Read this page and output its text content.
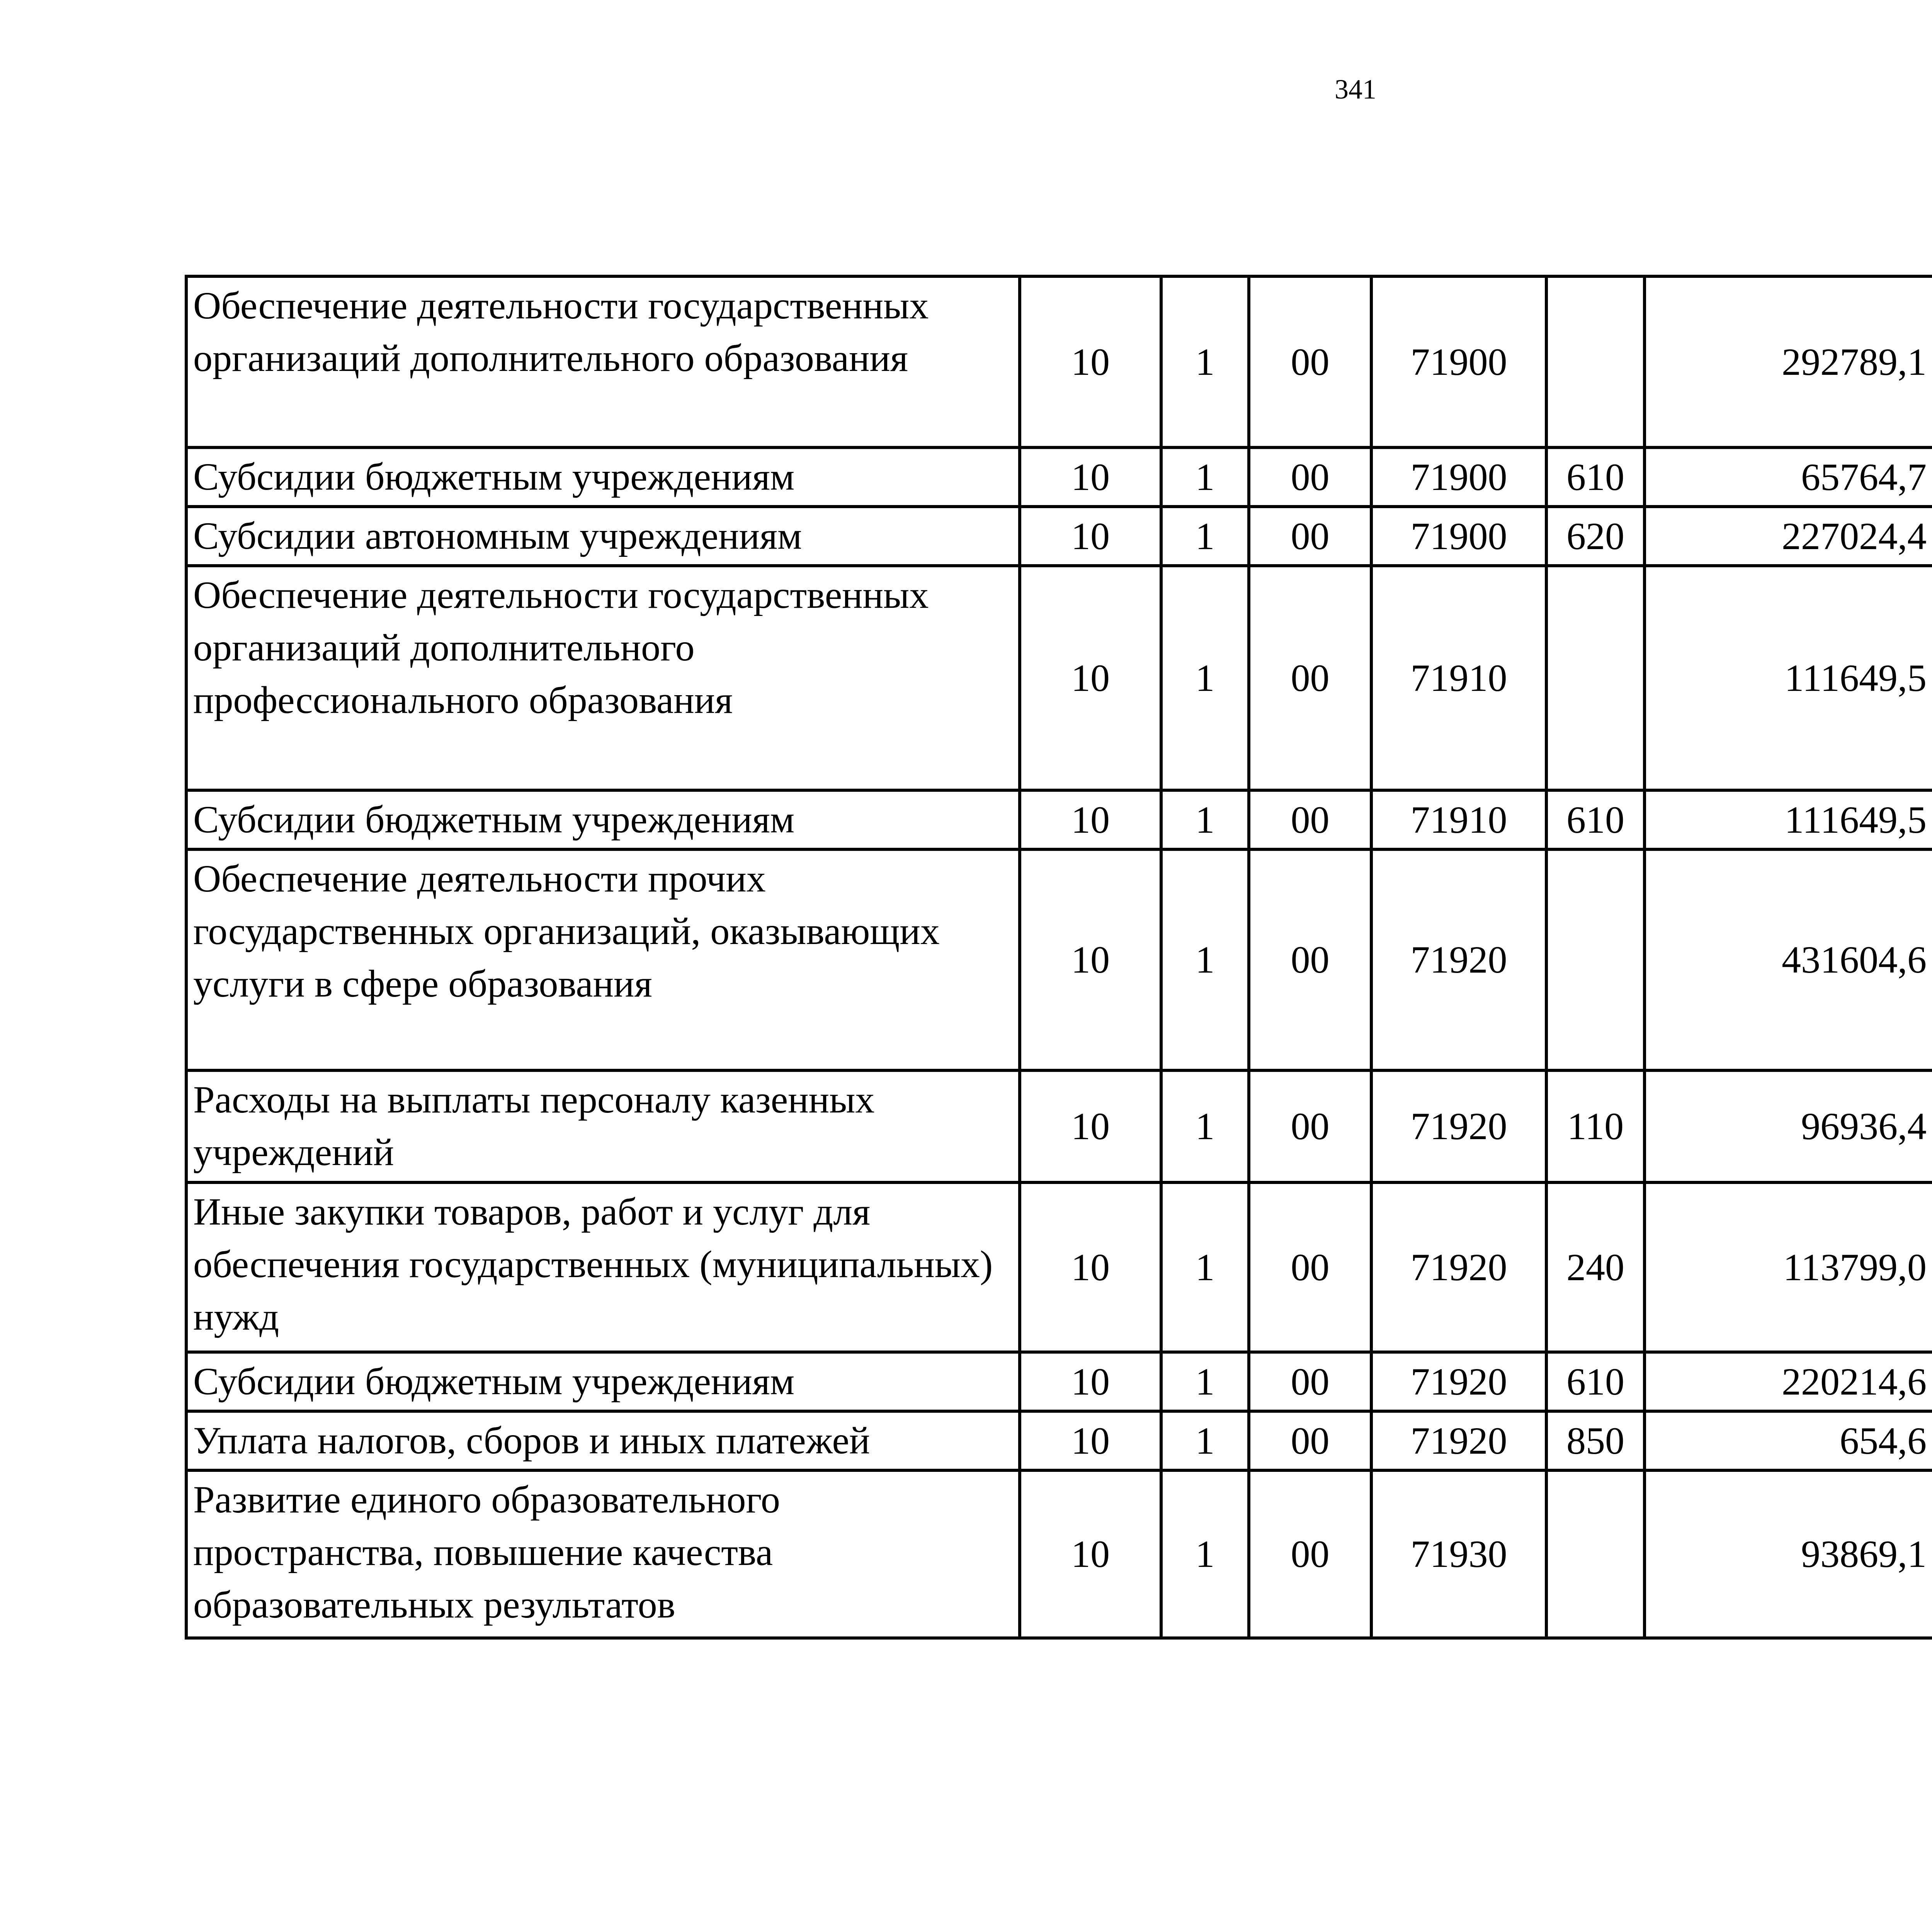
341
Обеспечение деятельности государственных организаций дополнительного образования	10	1	00	71900		292789,1		
Субсидии бюджетным учреждениям	10	1	00	71900	610	65764,7		
Субсидии автономным учреждениям	10	1	00	71900	620	227024,4		
Обеспечение деятельности государственных организаций дополнительного профессионального образования	10	1	00	71910		111649,5		
Субсидии бюджетным учреждениям	10	1	00	71910	610	111649,5		
Обеспечение деятельности прочих государственных организаций, оказывающих услуги в сфере образования	10	1	00	71920		431604,6		
Расходы на выплаты персоналу казенных учреждений	10	1	00	71920	110	96936,4		
Иные закупки товаров, работ и услуг для обеспечения государственных (муниципальных) нужд	10	1	00	71920	240	113799,0		
Субсидии бюджетным учреждениям	10	1	00	71920	610	220214,6		
Уплата налогов, сборов и иных платежей	10	1	00	71920	850	654,6		
Развитие единого образовательного пространства, повышение качества образовательных результатов	10	1	00	71930		93869,1		
